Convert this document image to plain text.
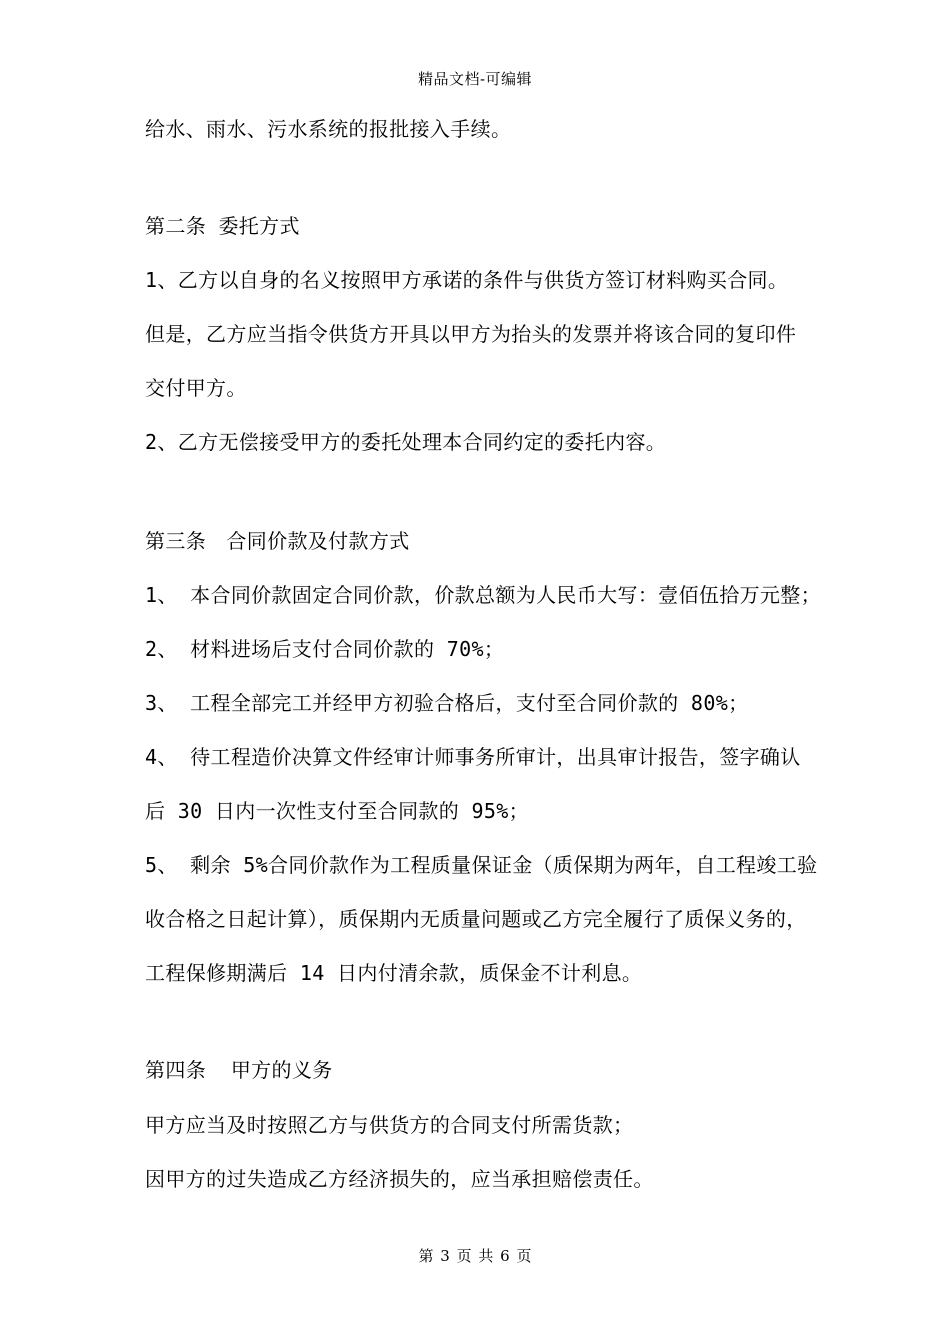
精品文档-可编辑
给水、雨水、污水系统的报批接入手续。
第二条 委托方式
1、乙方以自身的名义按照甲方承诺的条件与供货方签订材料购买合同。
但是，乙方应当指令供货方开具以甲方为抬头的发票并将该合同的复印件
交付甲方。
2、乙方无偿接受甲方的委托处理本合同约定的委托内容。
第三条　合同价款及付款方式
1、 本合同价款固定合同价款，价款总额为人民币大写：壹佰伍拾万元整；
2、 材料进场后支付合同价款的 70%；
3、 工程全部完工并经甲方初验合格后，支付至合同价款的 80%；
4、 待工程造价决算文件经审计师事务所审计，出具审计报告，签字确认
后 30 日内一次性支付至合同款的 95%；
5、 剩余 5%合同价款作为工程质量保证金（质保期为两年，自工程竣工验
收合格之日起计算），质保期内无质量问题或乙方完全履行了质保义务的，
工程保修期满后 14 日内付清余款，质保金不计利息。
第四条  甲方的义务
甲方应当及时按照乙方与供货方的合同支付所需货款；
因甲方的过失造成乙方经济损失的，应当承担赔偿责任。
第 3 页 共 6 页
